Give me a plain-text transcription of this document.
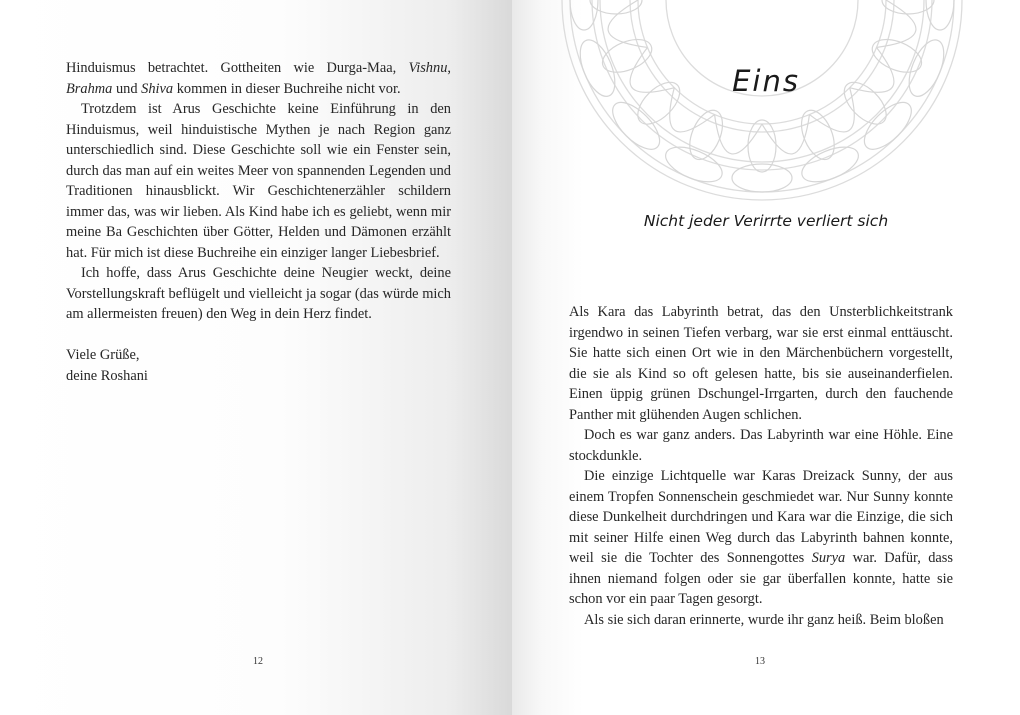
Hinduismus betrachtet. Gottheiten wie Durga-Maa, Vishnu, Brahma und Shiva kommen in dieser Buchreihe nicht vor.

Trotzdem ist Arus Geschichte keine Einführung in den Hinduismus, weil hinduistische Mythen je nach Region ganz unterschiedlich sind. Diese Geschichte soll wie ein Fenster sein, durch das man auf ein weites Meer von spannenden Legenden und Traditionen hinausblickt. Wir Geschichtenerzähler schildern immer das, was wir lieben. Als Kind habe ich es geliebt, wenn mir meine Ba Geschichten über Götter, Helden und Dämonen erzählt hat. Für mich ist diese Buchreihe ein einziger langer Liebesbrief.

Ich hoffe, dass Arus Geschichte deine Neugier weckt, deine Vorstellungskraft beflügelt und vielleicht ja sogar (das würde mich am allermeisten freuen) den Weg in dein Herz findet.

Viele Grüße,

deine Roshani

12
Eins
Nicht jeder Verirrte verliert sich

Als Kara das Labyrinth betrat, das den Unsterblichkeitstrank irgendwo in seinen Tiefen verbarg, war sie erst einmal enttäuscht. Sie hatte sich einen Ort wie in den Märchenbüchern vorgestellt, die sie als Kind so oft gelesen hatte, bis sie auseinanderfielen. Einen üppig grünen Dschungel-Irrgarten, durch den fauchende Panther mit glühenden Augen schlichen.

Doch es war ganz anders. Das Labyrinth war eine Höhle. Eine stockdunkle.

Die einzige Lichtquelle war Karas Dreizack Sunny, der aus einem Tropfen Sonnenschein geschmiedet war. Nur Sunny konnte diese Dunkelheit durchdringen und Kara war die Einzige, die sich mit seiner Hilfe einen Weg durch das Labyrinth bahnen konnte, weil sie die Tochter des Sonnengottes Surya war. Dafür, dass ihnen niemand folgen oder sie gar überfallen konnte, hatte sie schon vor ein paar Tagen gesorgt.

Als sie sich daran erinnerte, wurde ihr ganz heiß. Beim bloßen

13
